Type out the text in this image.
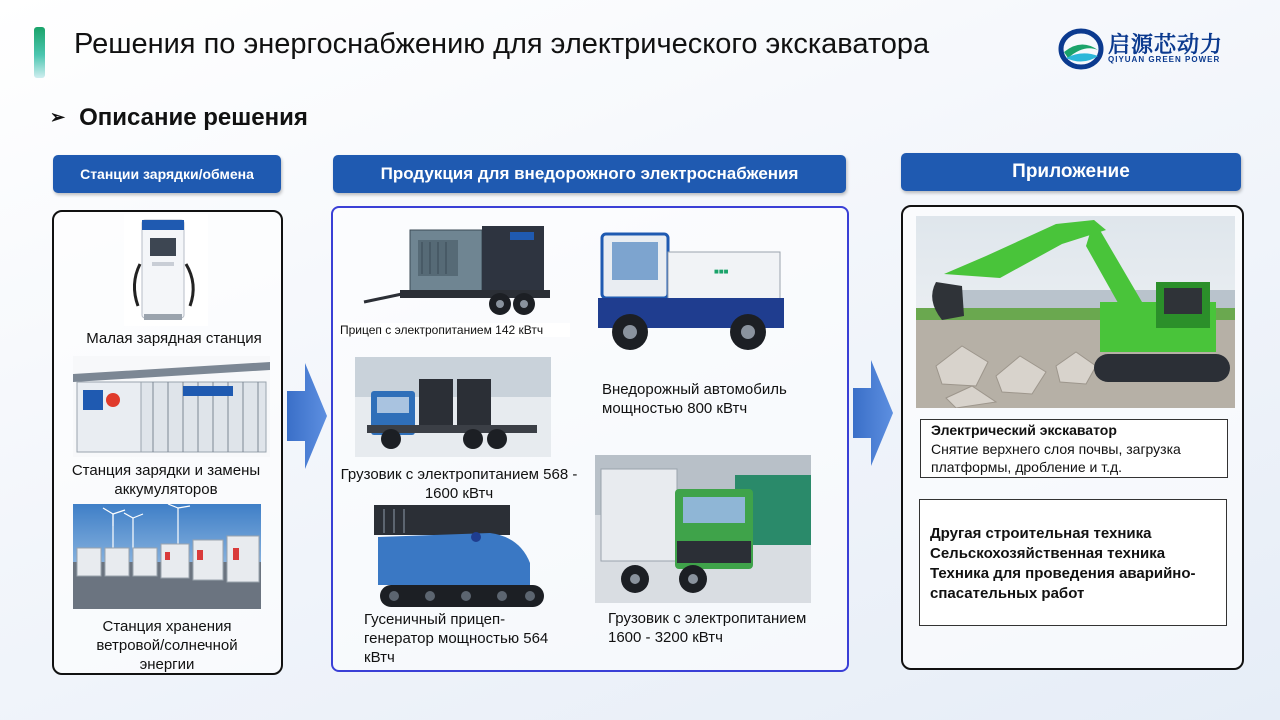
Решения по энергоснабжению для электрического экскаватора	启源芯动力
QIYUAN GREEN POWER
➢ Описание решения
Станции зарядки/обмена	Продукция для внедорожного электроснабжения	Приложение
Малая зарядная станция
Станция зарядки и замены аккумуляторов
Станция хранения ветровой/солнечной энергии
Прицеп с электропитанием 142 кВтч
■■■
Внедорожный автомобиль мощностью 800 кВтч
Грузовик с электропитанием 568 - 1600 кВтч
Гусеничный прицеп-генератор мощностью 564 кВтч
Грузовик с электропитанием 1600 - 3200 кВтч
Электрический экскаватор
Снятие верхнего слоя почвы, загрузка платформы, дробление и т.д.
Другая строительная техника
Сельскохозяйственная техника
Техника для проведения аварийно-спасательных работ
